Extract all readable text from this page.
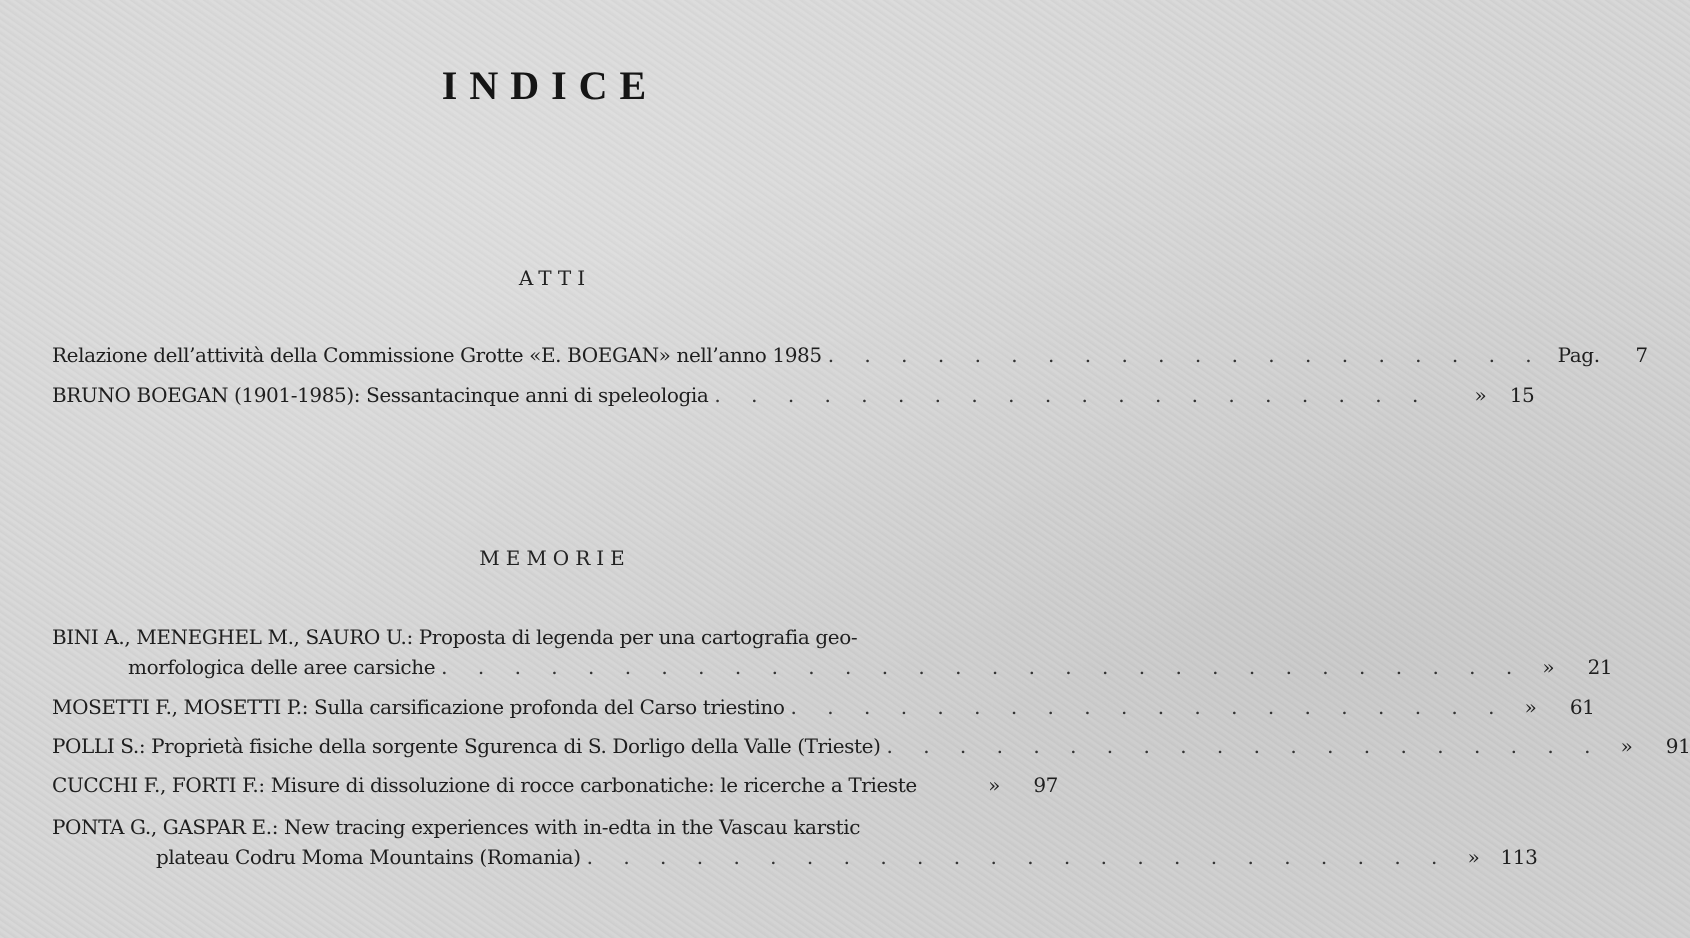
INDICE
ATTI
Relazione dell’attività della Commissione Grotte «E. BOEGAN» nell’anno 1985 . . . . . . . . . . . . . . . . . . . . Pag.	7
BRUNO BOEGAN (1901-1985): Sessantacinque anni di speleologia . . . . . . . . . . . . . . . . . . . .	»	15
MEMORIE
BINI A., MENEGHEL M., SAURO U.: Proposta di legenda per una cartografia geo-
morfologica delle aree carsiche . . . . . . . . . . . . . . . . . . . . . . . . . . . . . . »	21
MOSETTI F., MOSETTI P.: Sulla carsificazione profonda del Carso triestino . . . . . . . . . . . . . . . . . . . . »	61
POLLI S.: Proprietà fisiche della sorgente Sgurenca di S. Dorligo della Valle (Trieste) . . . . . . . . . . . . . . . . . . . . »	91
CUCCHI F., FORTI F.: Misure di dissoluzione di rocce carbonatiche: le ricerche a Trieste	»	97
PONTA G., GASPAR E.: New tracing experiences with in-edta in the Vascau karstic
plateau Codru Moma Mountains (Romania) . . . . . . . . . . . . . . . . . . . . . . . . »	113
